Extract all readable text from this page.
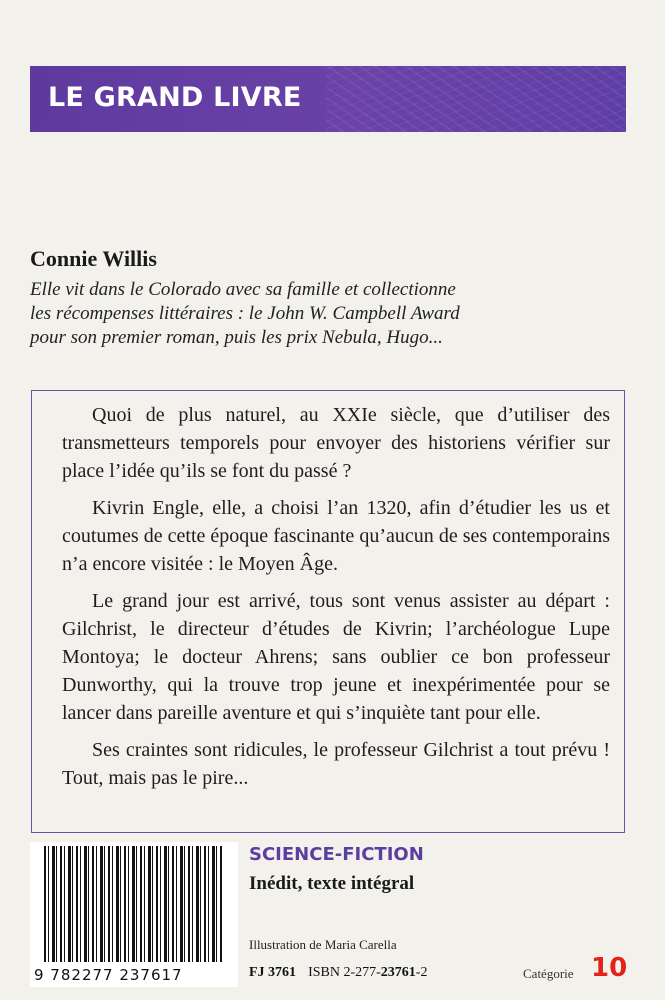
LE GRAND LIVRE
Connie Willis

Elle vit dans le Colorado avec sa famille et collectionne

les récompenses littéraires : le John W. Campbell Award

pour son premier roman, puis les prix Nebula, Hugo...

Quoi de plus naturel, au XXIe siècle, que d’utiliser des transmetteurs temporels pour envoyer des historiens vérifier sur place l’idée qu’ils se font du passé ?

Kivrin Engle, elle, a choisi l’an 1320, afin d’étudier les us et coutumes de cette époque fascinante qu’aucun de ses contemporains n’a encore visitée : le Moyen Âge.

Le grand jour est arrivé, tous sont venus assister au départ : Gilchrist, le directeur d’études de Kivrin; l’archéologue Lupe Montoya; le docteur Ahrens; sans oublier ce bon professeur Dunworthy, qui la trouve trop jeune et inexpérimentée pour se lancer dans pareille aventure et qui s’inquiète tant pour elle.

Ses craintes sont ridicules, le professeur Gilchrist a tout prévu ! Tout, mais pas le pire...

9 782277 237617
SCIENCE-FICTION
Inédit, texte intégral
Illustration de Maria Carella
FJ 3761 ISBN 2-277-23761-2	Catégorie 10
